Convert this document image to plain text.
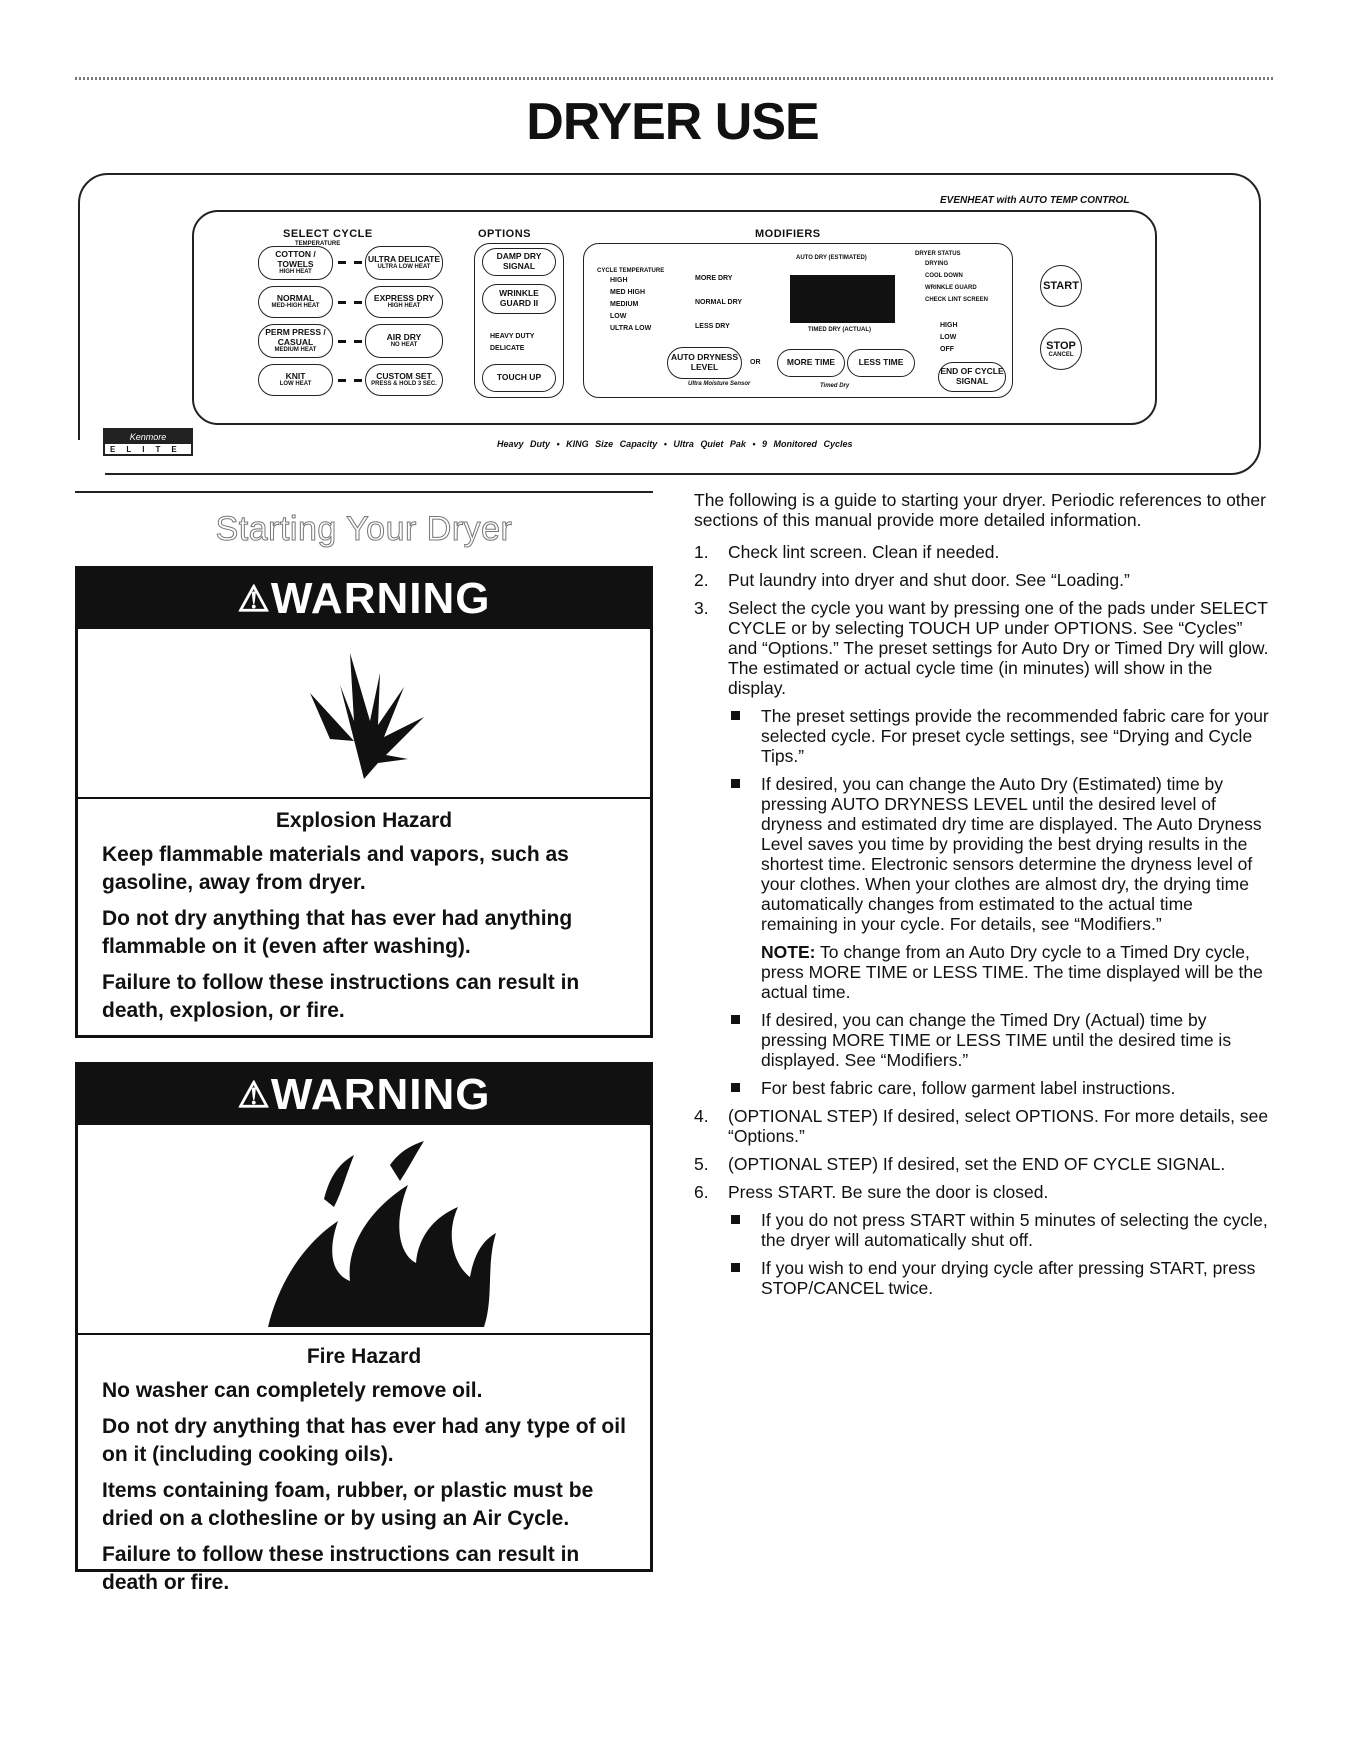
DRYER USE
EVENHEAT with AUTO TEMP CONTROL
Kenmore
ELITE
Heavy Duty • KING Size Capacity • Ultra Quiet Pak • 9 Monitored Cycles
SELECT CYCLE
TEMPERATURE
COTTON / TOWELS
HIGH HEAT
NORMAL
MED-HIGH HEAT
PERM PRESS / CASUAL
MEDIUM HEAT
KNIT
LOW HEAT
ULTRA DELICATE
ULTRA LOW HEAT
EXPRESS DRY
HIGH HEAT
AIR DRY
NO HEAT
CUSTOM SET
PRESS & HOLD 3 SEC.
OPTIONS
DAMP DRY SIGNAL
WRINKLE GUARD II
HEAVY DUTY
DELICATE
TOUCH UP
MODIFIERS
CYCLE TEMPERATURE
HIGH
MED HIGH
MEDIUM
LOW
ULTRA LOW
MORE DRY
NORMAL DRY
LESS DRY
AUTO DRY (ESTIMATED)
TIMED DRY (ACTUAL)
AUTO DRYNESS LEVEL	OR	MORE TIME	LESS TIME
Ultra Moisture Sensor	Timed Dry
DRYER STATUS
DRYING
COOL DOWN
WRINKLE GUARD
CHECK LINT SCREEN
HIGH
LOW
OFF
END OF CYCLE SIGNAL
START
STOP
CANCEL
Starting Your Dryer
⚠WARNING
Explosion Hazard

Keep flammable materials and vapors, such as gasoline, away from dryer.

Do not dry anything that has ever had anything flammable on it (even after washing).

Failure to follow these instructions can result in death, explosion, or fire.

⚠WARNING
Fire Hazard

No washer can completely remove oil.

Do not dry anything that has ever had any type of oil on it (including cooking oils).

Items containing foam, rubber, or plastic must be dried on a clothesline or by using an Air Cycle.

Failure to follow these instructions can result in death or fire.

The following is a guide to starting your dryer. Periodic references to other sections of this manual provide more detailed information.

1.	Check lint screen. Clean if needed.
2.	Put laundry into dryer and shut door. See “Loading.”
3.	Select the cycle you want by pressing one of the pads under SELECT CYCLE or by selecting TOUCH UP under OPTIONS. See “Cycles” and “Options.” The preset settings for Auto Dry or Timed Dry will glow. The estimated or actual cycle time (in minutes) will show in the display.
The preset settings provide the recommended fabric care for your selected cycle. For preset cycle settings, see “Drying and Cycle Tips.”
If desired, you can change the Auto Dry (Estimated) time by pressing AUTO DRYNESS LEVEL until the desired level of dryness and estimated dry time are displayed. The Auto Dryness Level saves you time by providing the best drying results in the shortest time. Electronic sensors determine the dryness level of your clothes. When your clothes are almost dry, the drying time automatically changes from estimated to the actual time remaining in your cycle. For details, see “Modifiers.”

NOTE: To change from an Auto Dry cycle to a Timed Dry cycle, press MORE TIME or LESS TIME. The time displayed will be the actual time.

If desired, you can change the Timed Dry (Actual) time by pressing MORE TIME or LESS TIME until the desired time is displayed. See “Modifiers.”
For best fabric care, follow garment label instructions.
4.	(OPTIONAL STEP) If desired, select OPTIONS. For more details, see “Options.”
5.	(OPTIONAL STEP) If desired, set the END OF CYCLE SIGNAL.
6.	Press START. Be sure the door is closed.
If you do not press START within 5 minutes of selecting the cycle, the dryer will automatically shut off.
If you wish to end your drying cycle after pressing START, press STOP/CANCEL twice.
